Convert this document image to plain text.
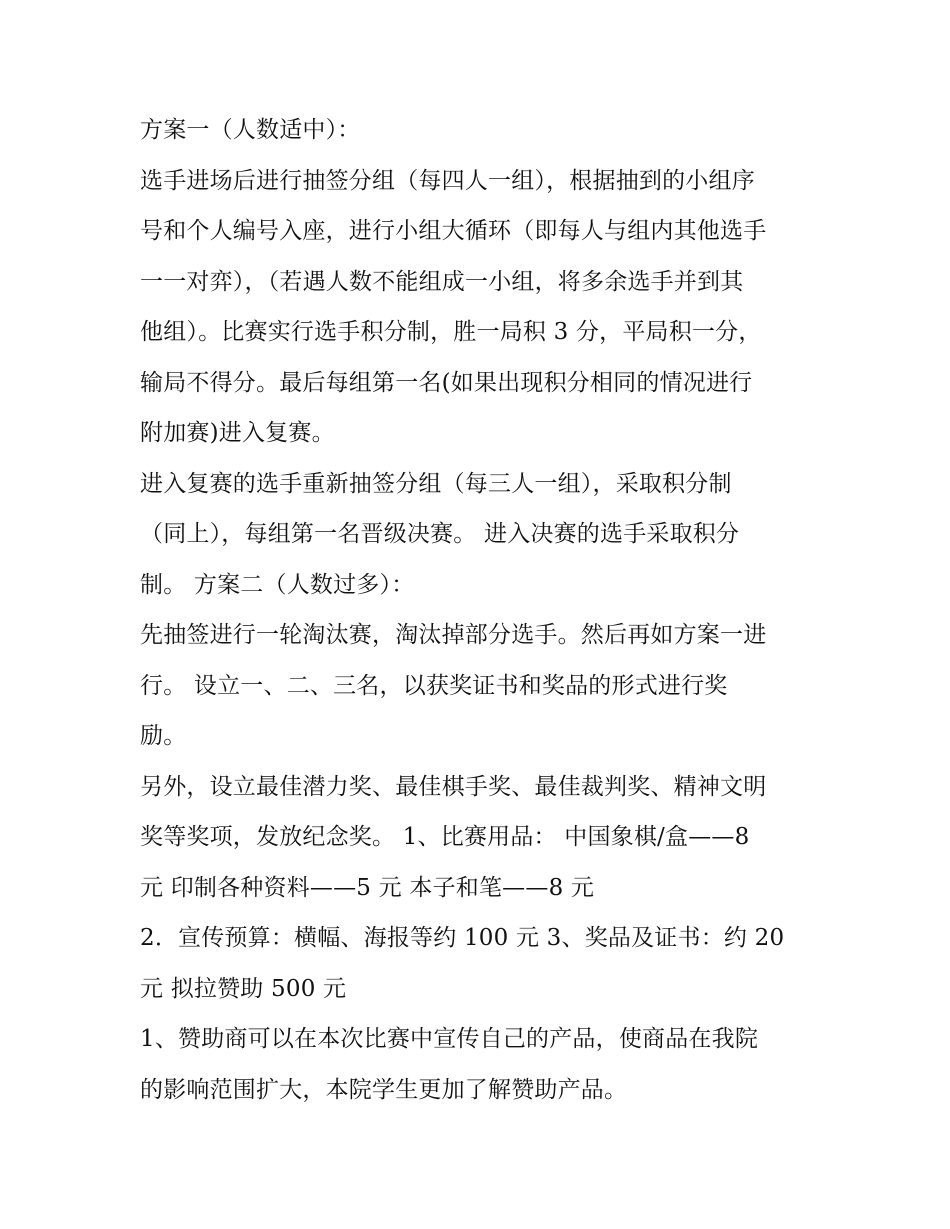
方案一（人数适中）：
选手进场后进行抽签分组（每四人一组），根据抽到的小组序
号和个人编号入座，进行小组大循环（即每人与组内其他选手
一一对弈），（若遇人数不能组成一小组，将多余选手并到其
他组）。比赛实行选手积分制，胜一局积 3 分，平局积一分，
输局不得分。最后每组第一名(如果出现积分相同的情况进行
附加赛)进入复赛。
进入复赛的选手重新抽签分组（每三人一组），采取积分制
（同上），每组第一名晋级决赛。 进入决赛的选手采取积分
制。 方案二（人数过多）：
先抽签进行一轮淘汰赛，淘汰掉部分选手。然后再如方案一进
行。 设立一、二、三名，以获奖证书和奖品的形式进行奖
励。
另外，设立最佳潜力奖、最佳棋手奖、最佳裁判奖、精神文明
奖等奖项，发放纪念奖。 1、比赛用品： 中国象棋/盒——8
元 印制各种资料——5 元 本子和笔——8 元
2．宣传预算：横幅、海报等约 100 元 3、奖品及证书：约 20
元 拟拉赞助 500 元
1、赞助商可以在本次比赛中宣传自己的产品，使商品在我院
的影响范围扩大，本院学生更加了解赞助产品。
